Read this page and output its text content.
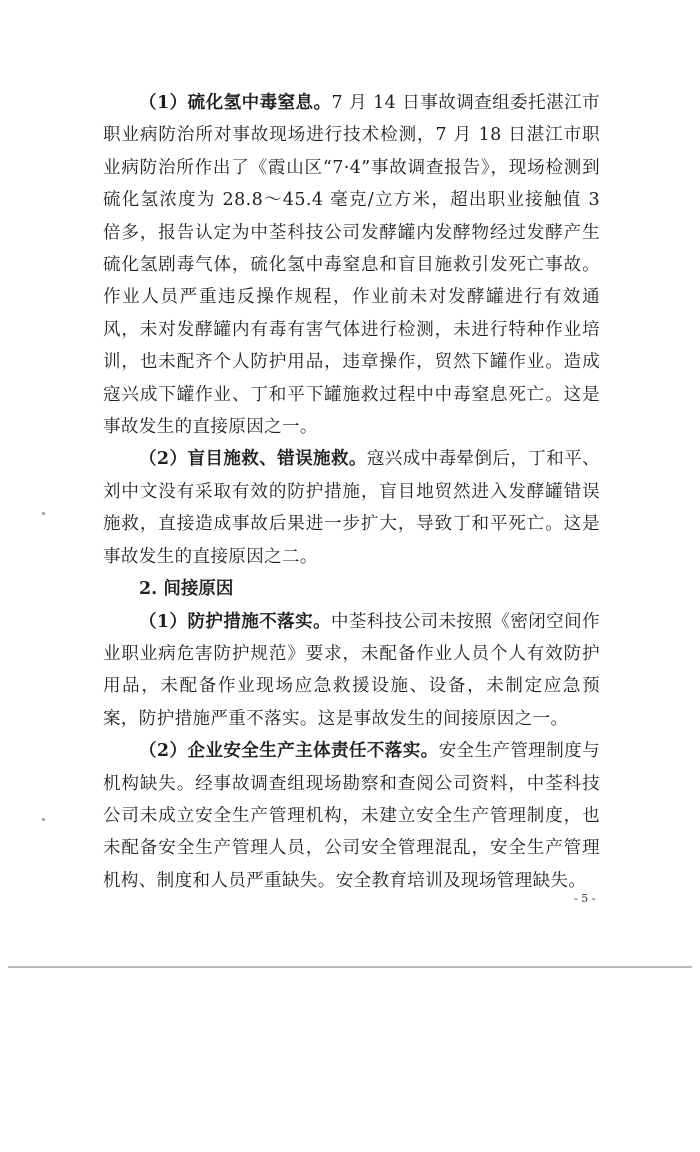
（1）硫化氢中毒窒息。7 月 14 日事故调查组委托湛江市职业病防治所对事故现场进行技术检测，7 月 18 日湛江市职业病防治所作出了《霞山区“7·4”事故调查报告》，现场检测到硫化氢浓度为 28.8～45.4 毫克/立方米，超出职业接触值 3 倍多，报告认定为中荃科技公司发酵罐内发酵物经过发酵产生硫化氢剧毒气体，硫化氢中毒窒息和盲目施救引发死亡事故。作业人员严重违反操作规程，作业前未对发酵罐进行有效通风，未对发酵罐内有毒有害气体进行检测，未进行特种作业培训，也未配齐个人防护用品，违章操作，贸然下罐作业。造成寇兴成下罐作业、丁和平下罐施救过程中中毒窒息死亡。这是事故发生的直接原因之一。

（2）盲目施救、错误施救。寇兴成中毒晕倒后，丁和平、刘中文没有采取有效的防护措施，盲目地贸然进入发酵罐错误施救，直接造成事故后果进一步扩大，导致丁和平死亡。这是事故发生的直接原因之二。

2. 间接原因

（1）防护措施不落实。中荃科技公司未按照《密闭空间作业职业病危害防护规范》要求，未配备作业人员个人有效防护用品，未配备作业现场应急救援设施、设备，未制定应急预案，防护措施严重不落实。这是事故发生的间接原因之一。

（2）企业安全生产主体责任不落实。安全生产管理制度与机构缺失。经事故调查组现场勘察和查阅公司资料，中荃科技公司未成立安全生产管理机构，未建立安全生产管理制度，也未配备安全生产管理人员，公司安全管理混乱，安全生产管理机构、制度和人员严重缺失。安全教育培训及现场管理缺失。

- 5 -
